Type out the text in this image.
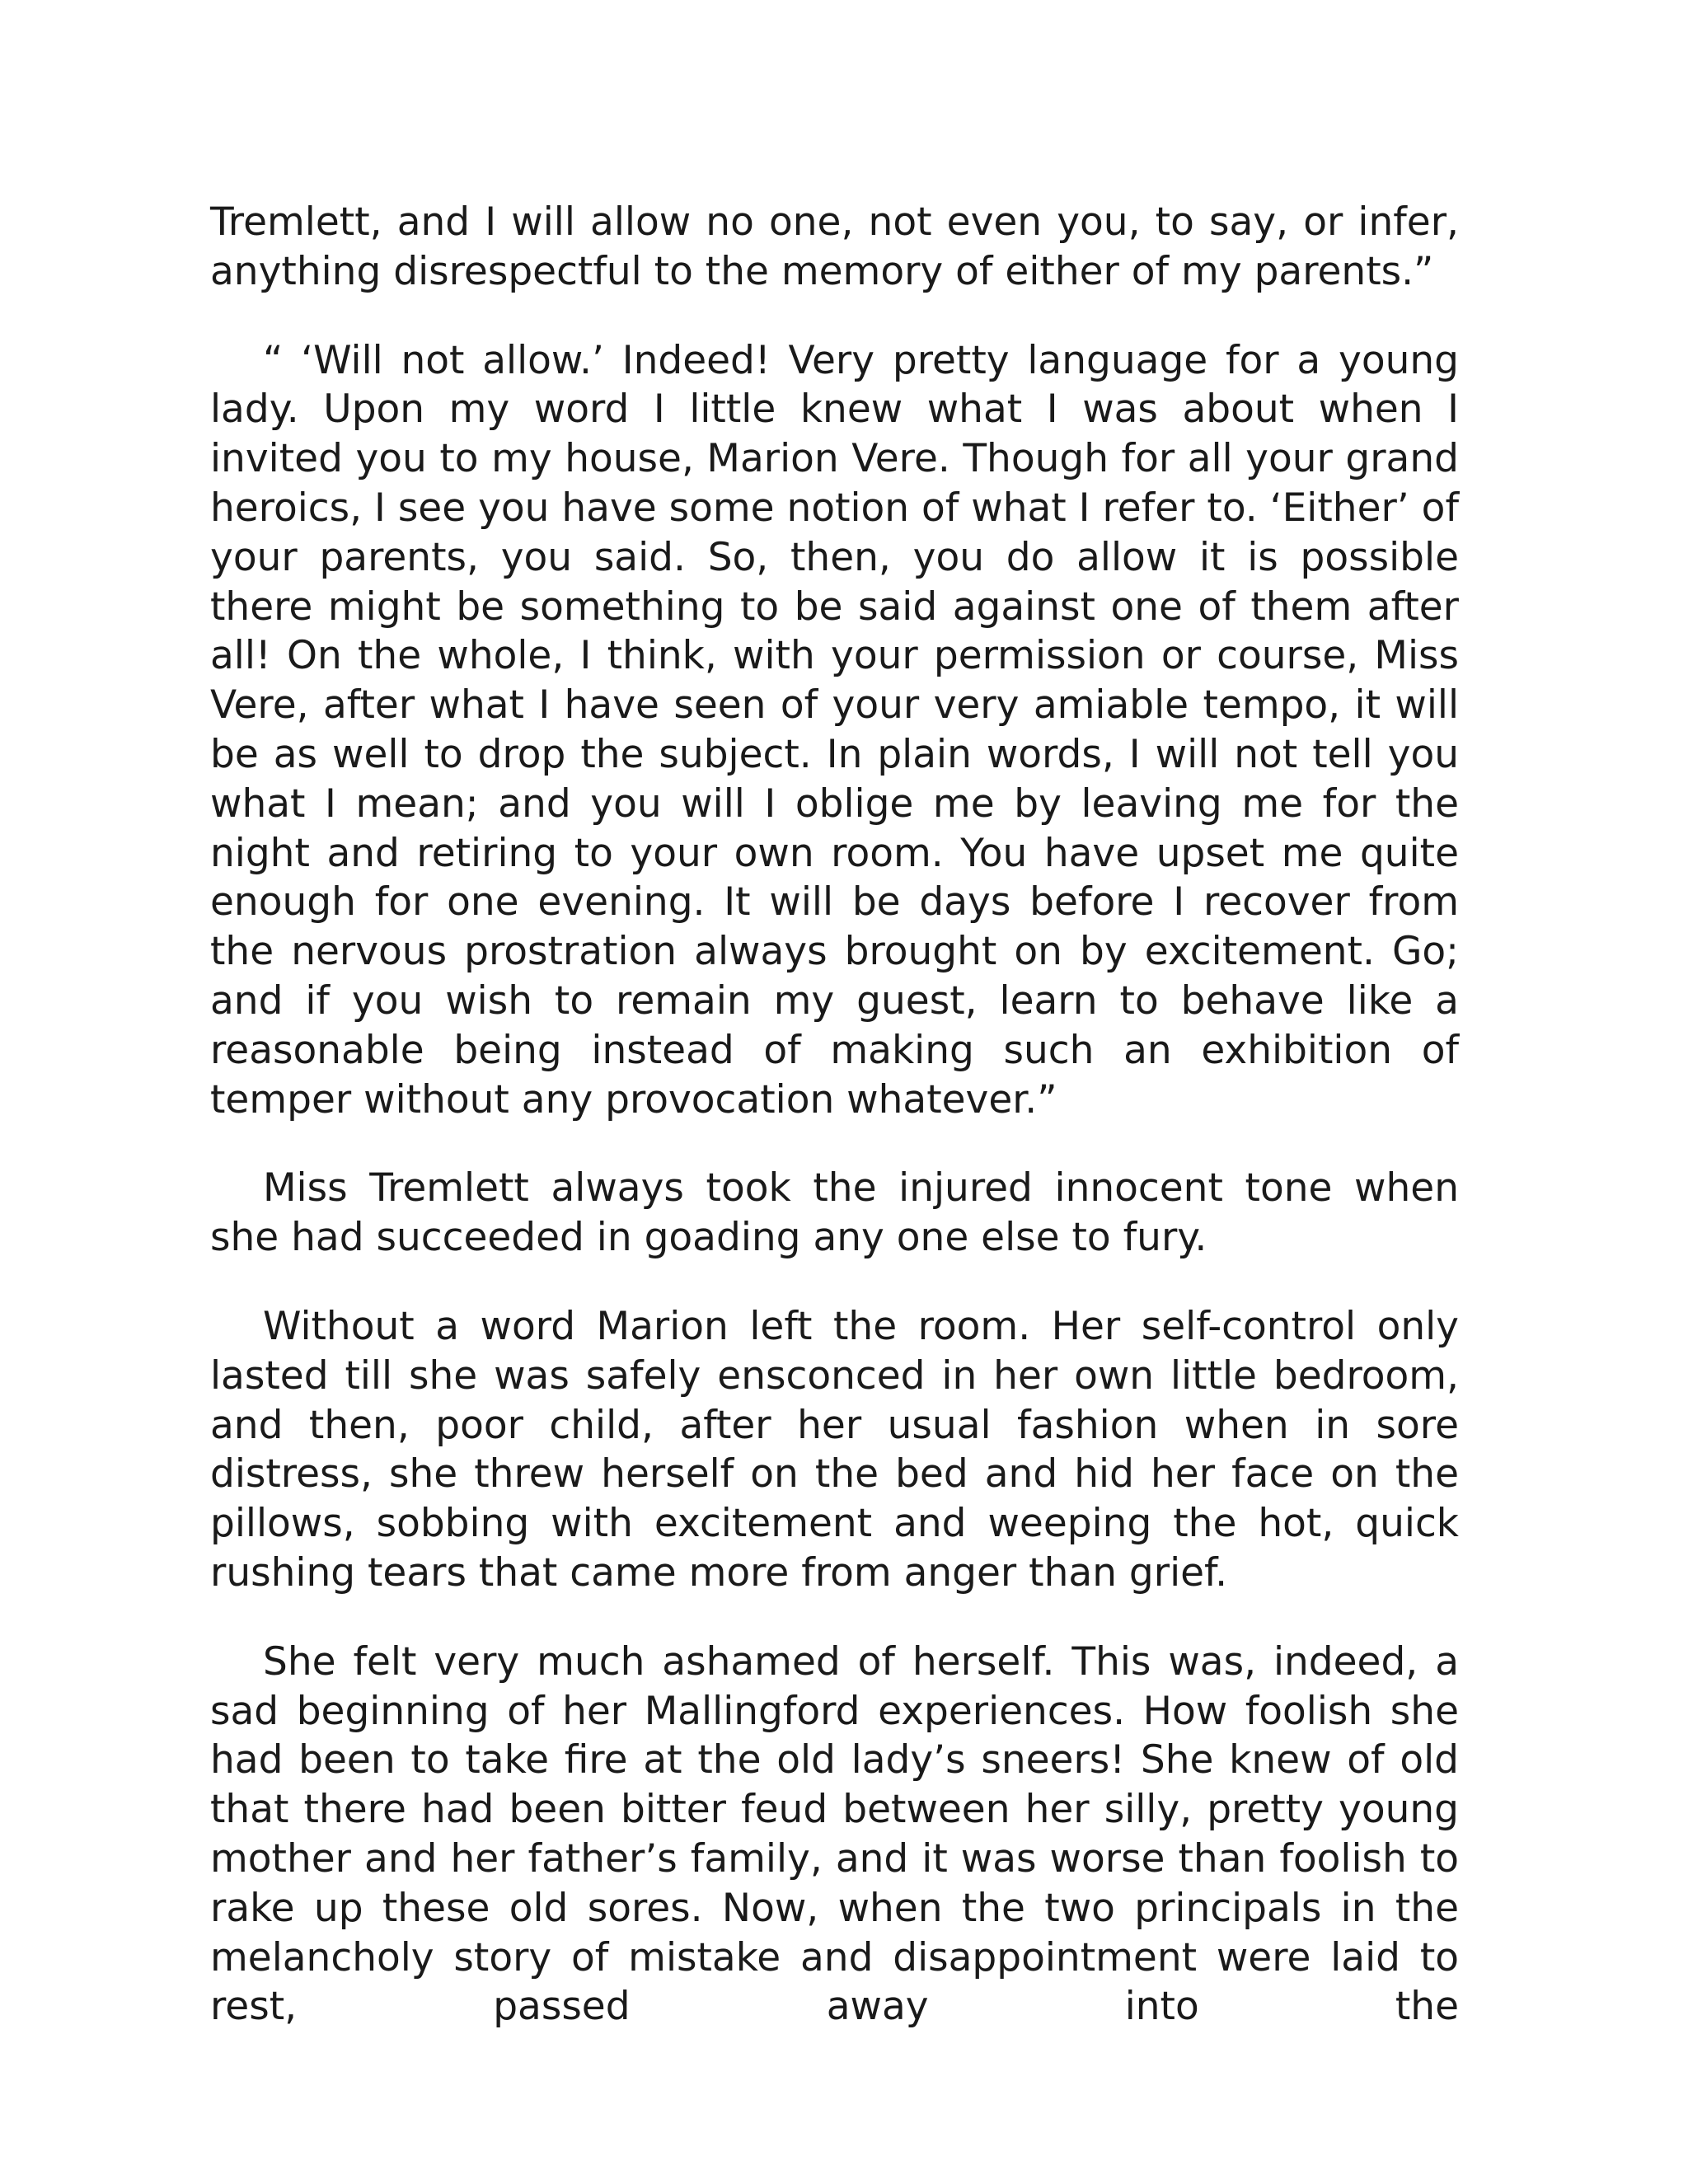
Tremlett, and I will allow no one, not even you, to say, or infer, anything disrespectful to the memory of either of my parents.”

“ ‘Will not allow.’ Indeed! Very pretty language for a young lady. Upon my word I little knew what I was about when I invited you to my house, Marion Vere. Though for all your grand heroics, I see you have some notion of what I refer to. ‘Either’ of your parents, you said. So, then, you do allow it is possible there might be something to be said against one of them after all! On the whole, I think, with your permission or course, Miss Vere, after what I have seen of your very amiable tempo, it will be as well to drop the subject. In plain words, I will not tell you what I mean; and you will I oblige me by leaving me for the night and retiring to your own room. You have upset me quite enough for one evening. It will be days before I recover from the nervous prostration always brought on by excitement. Go; and if you wish to remain my guest, learn to behave like a reasonable being instead of making such an exhibition of temper without any provocation whatever.”

Miss Tremlett always took the injured innocent tone when she had succeeded in goading any one else to fury.

Without a word Marion left the room. Her self-control only lasted till she was safely ensconced in her own little bedroom, and then, poor child, after her usual fashion when in sore distress, she threw herself on the bed and hid her face on the pillows, sobbing with excitement and weeping the hot, quick rushing tears that came more from anger than grief.

She felt very much ashamed of herself. This was, indeed, a sad beginning of her Mallingford experiences. How foolish she had been to take fire at the old lady’s sneers! She knew of old that there had been bitter feud between her silly, pretty young mother and her father’s family, and it was worse than foolish to rake up these old sores. Now, when the two principals in the melancholy story of mistake and disappointment were laid to rest, passed away into the
